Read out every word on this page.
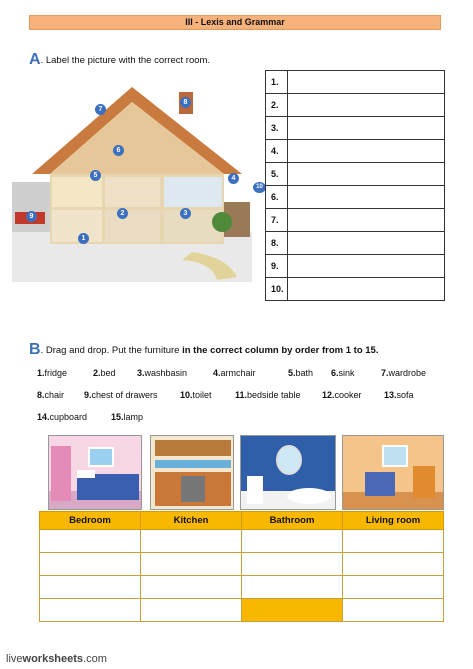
III - Lexis and Grammar
A. Label the picture with the correct room.
1
2	3
4
5
6
7
8
9
10
1.	
2.	
3.	
4.	
5.	
6.	
7.	
8.	
9.	
10.	
B. Drag and drop. Put the furniture in the correct column by order from 1 to 15.
1.fridge	2.bed 3.washbasin	4.armchair	5.bath 6.sink	7.wardrobe
8.chair 9.chest of drawers 10.toilet	11.bedside table 12.cooker 13.sofa
14.cupboard	15.lamp
Bedroom	Kitchen	Bathroom	Living room

liveworksheets.com
